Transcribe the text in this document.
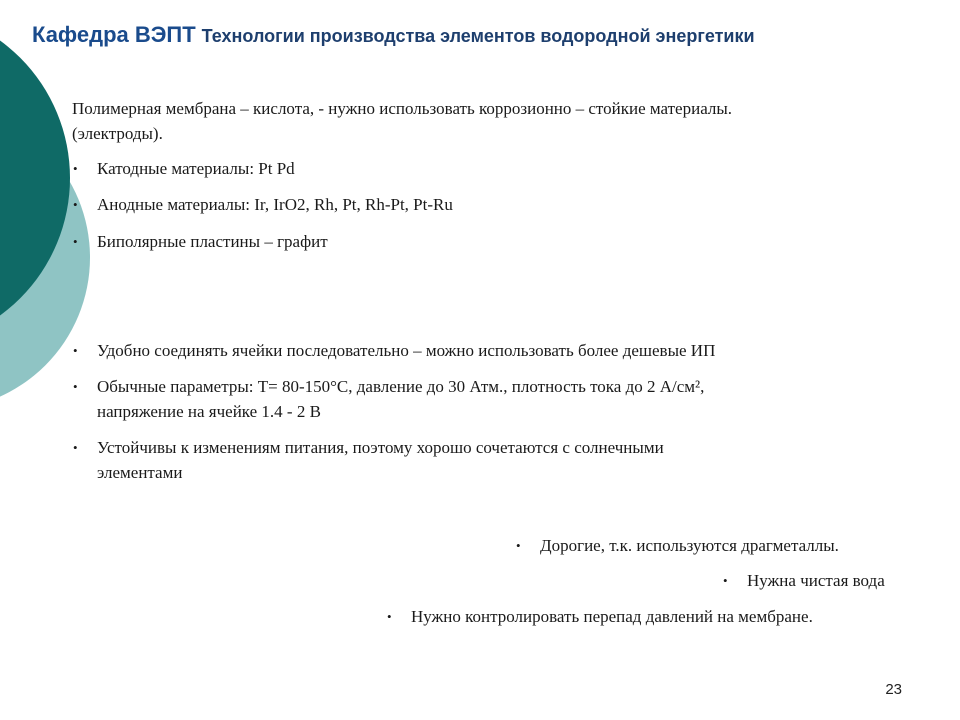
Кафедра ВЭПТ Технологии производства элементов водородной энергетики
Полимерная мембрана – кислота, - нужно использовать коррозионно – стойкие материалы.
(электроды).
•	Катодные материалы: Pt Pd
•	Анодные материалы: Ir, IrO2, Rh, Pt, Rh-Pt, Pt-Ru
•	Биполярные пластины – графит
•	Удобно соединять ячейки последовательно – можно использовать более дешевые ИП
•	Обычные параметры: Т= 80-150°С, давление до 30 Атм., плотность тока до 2 А/см²,
напряжение на ячейке 1.4 - 2 В
•	Устойчивы к изменениям питания, поэтому хорошо сочетаются с солнечными
элементами
•	Дорогие, т.к. используются драгметаллы.
•	Нужна чистая вода
•	Нужно контролировать перепад давлений на мембране.
23
